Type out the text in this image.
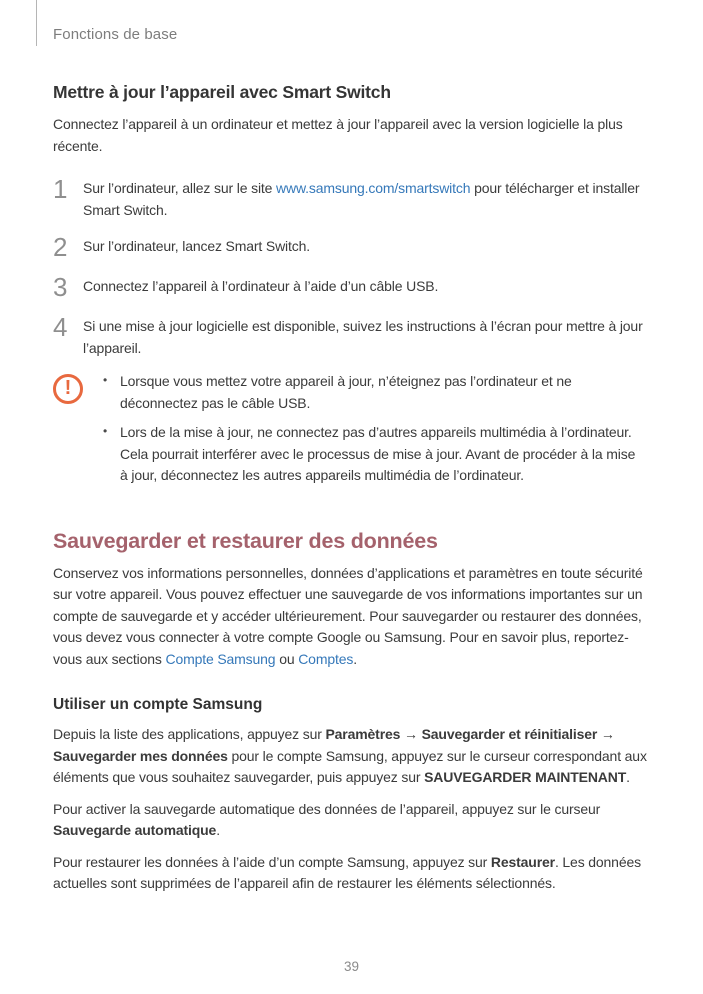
Fonctions de base
Mettre à jour l’appareil avec Smart Switch

Connectez l’appareil à un ordinateur et mettez à jour l’appareil avec la version logicielle la plus récente.

1	Sur l’ordinateur, allez sur le site www.samsung.com/smartswitch pour télécharger et installer Smart Switch.
2	Sur l’ordinateur, lancez Smart Switch.
3	Connectez l’appareil à l’ordinateur à l’aide d’un câble USB.
4	Si une mise à jour logicielle est disponible, suivez les instructions à l’écran pour mettre à jour l’appareil.
!	• Lorsque vous mettez votre appareil à jour, n’éteignez pas l’ordinateur et ne déconnectez pas le câble USB.
• Lors de la mise à jour, ne connectez pas d’autres appareils multimédia à l’ordinateur. Cela pourrait interférer avec le processus de mise à jour. Avant de procéder à la mise à jour, déconnectez les autres appareils multimédia de l’ordinateur.
Sauvegarder et restaurer des données

Conservez vos informations personnelles, données d’applications et paramètres en toute sécurité sur votre appareil. Vous pouvez effectuer une sauvegarde de vos informations importantes sur un compte de sauvegarde et y accéder ultérieurement. Pour sauvegarder ou restaurer des données, vous devez vous connecter à votre compte Google ou Samsung. Pour en savoir plus, reportez-vous aux sections Compte Samsung ou Comptes.

Utiliser un compte Samsung

Depuis la liste des applications, appuyez sur Paramètres → Sauvegarder et réinitialiser → Sauvegarder mes données pour le compte Samsung, appuyez sur le curseur correspondant aux éléments que vous souhaitez sauvegarder, puis appuyez sur SAUVEGARDER MAINTENANT.

Pour activer la sauvegarde automatique des données de l’appareil, appuyez sur le curseur Sauvegarde automatique.

Pour restaurer les données à l’aide d’un compte Samsung, appuyez sur Restaurer. Les données actuelles sont supprimées de l’appareil afin de restaurer les éléments sélectionnés.

39
